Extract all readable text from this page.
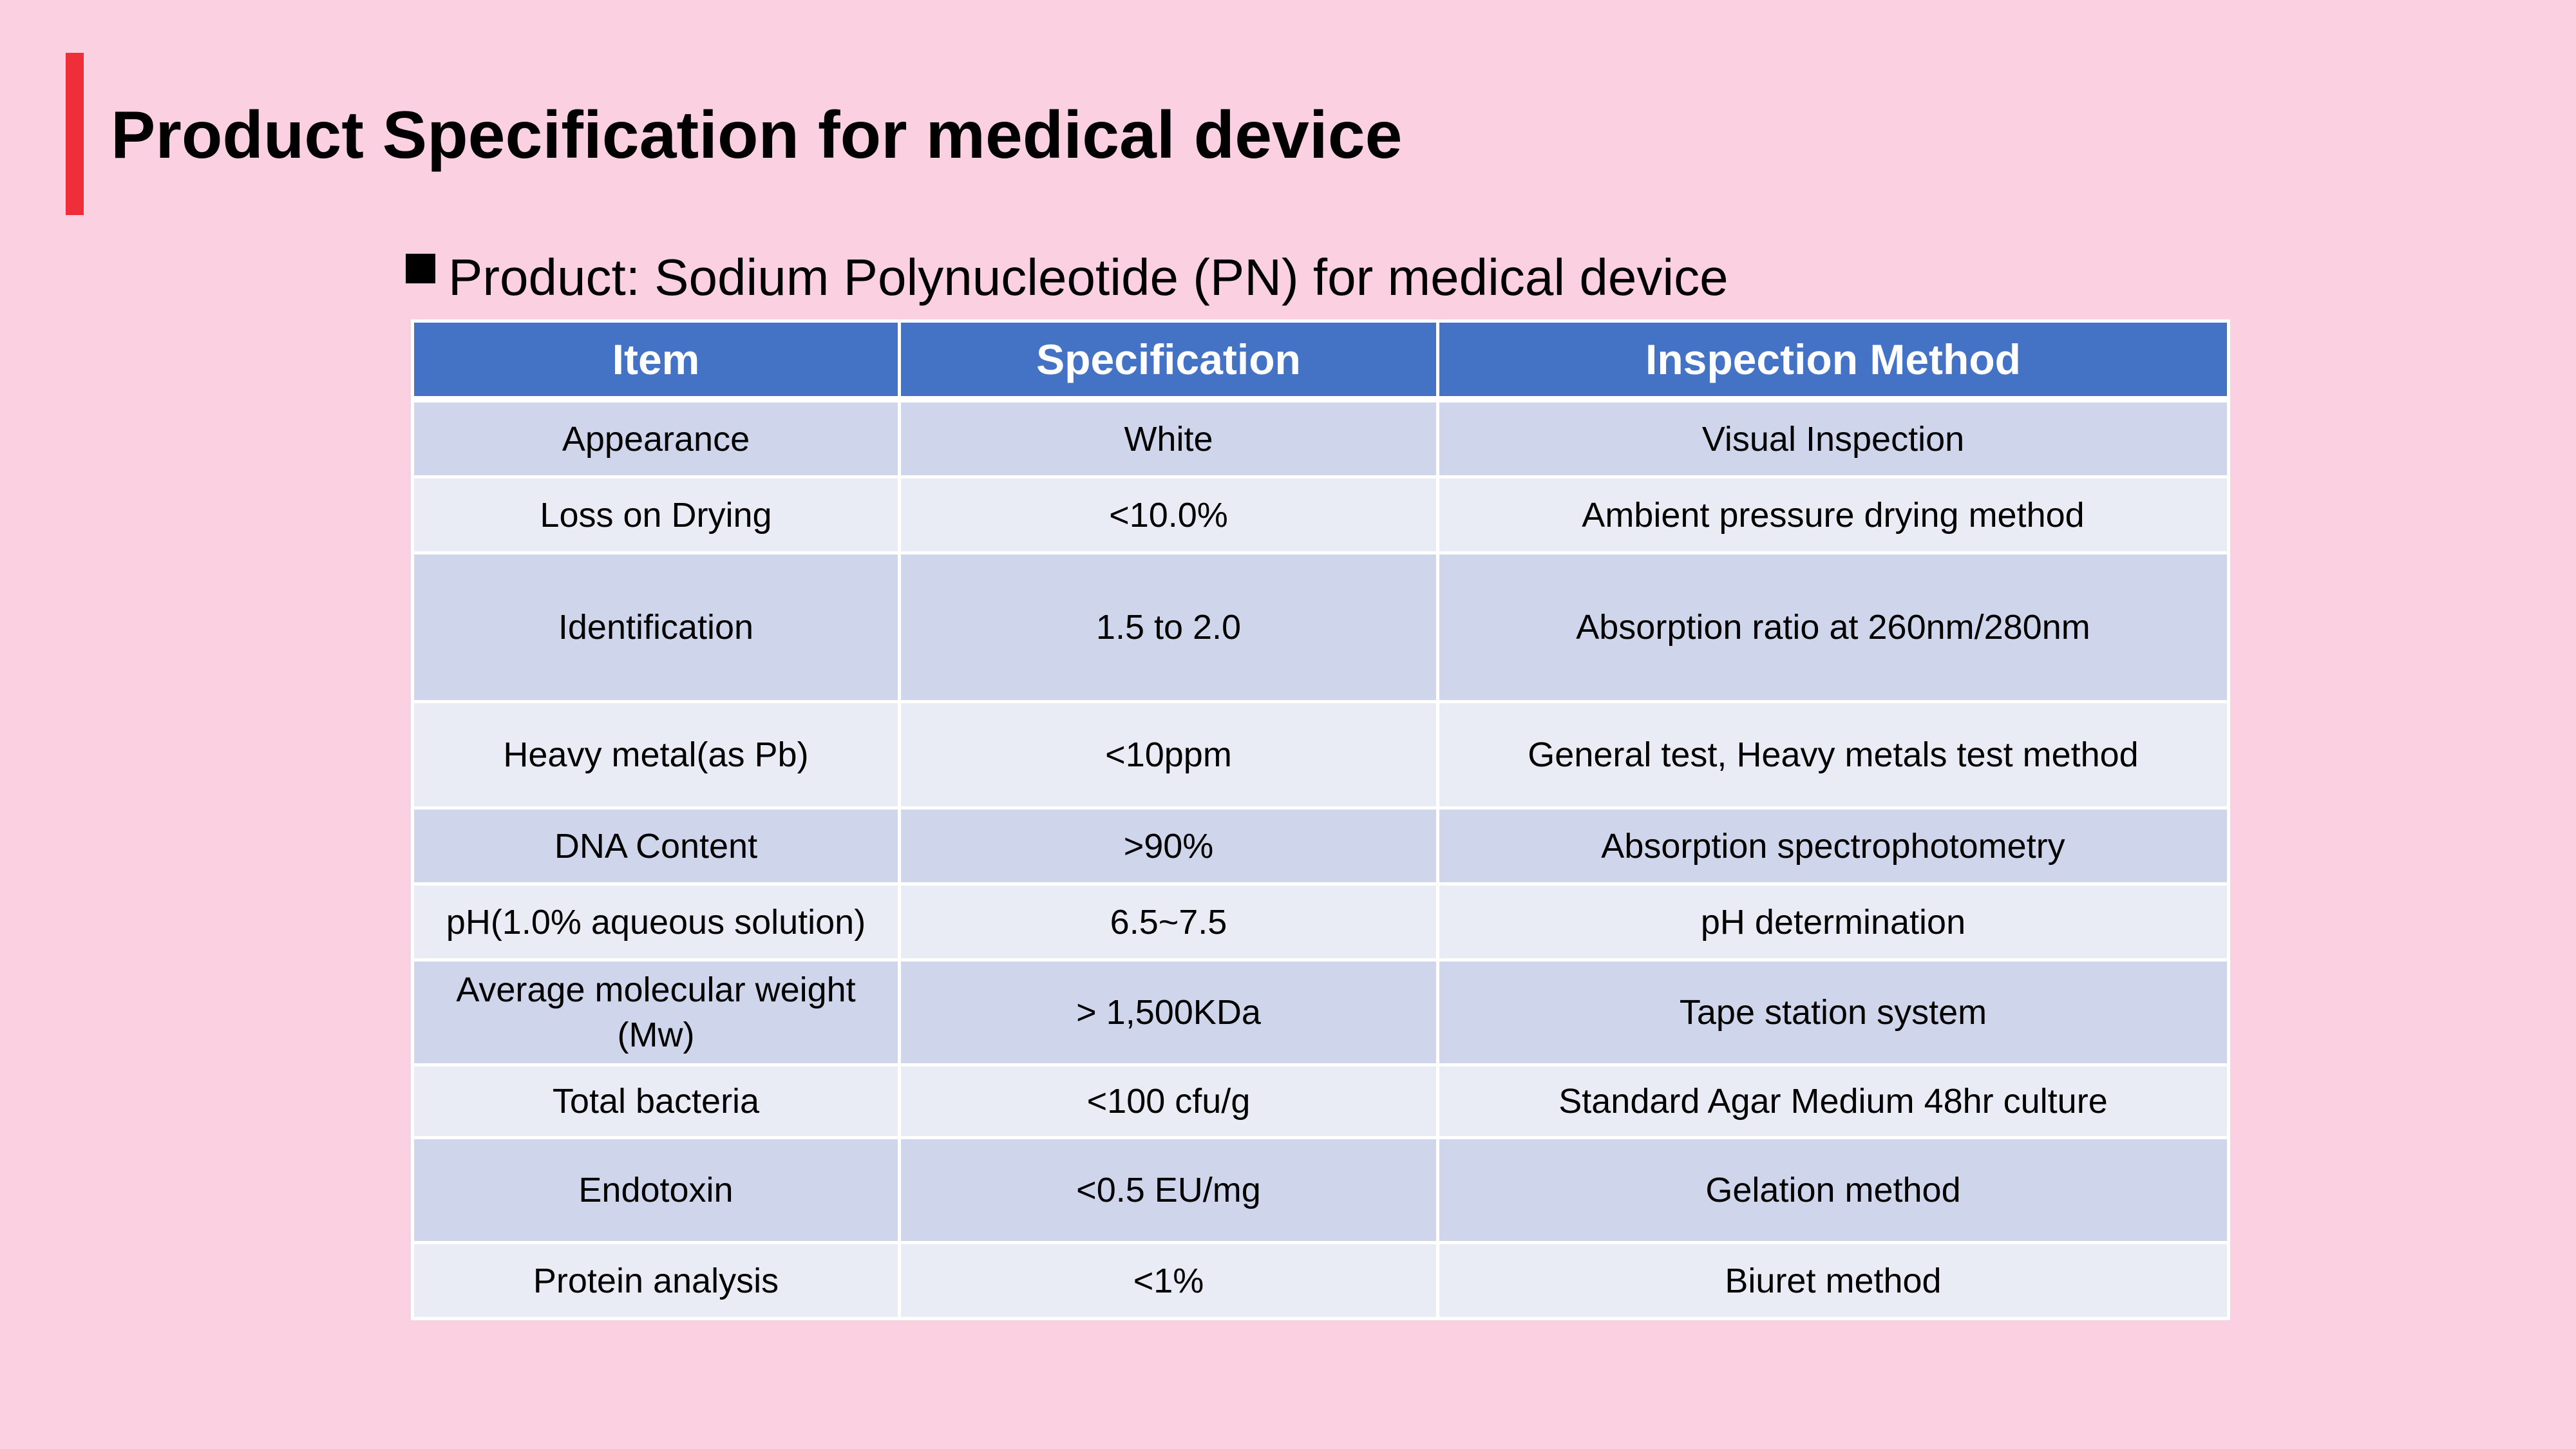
Product Specification for medical device
Product: Sodium Polynucleotide (PN) for medical device
Item	Specification	Inspection Method
Appearance	White	Visual Inspection
Loss on Drying	<10.0%	Ambient pressure drying method
Identification	1.5 to 2.0	Absorption ratio at 260nm/280nm
Heavy metal(as Pb)	<10ppm	General test, Heavy metals test method
DNA Content	>90%	Absorption spectrophotometry
pH(1.0% aqueous solution)	6.5~7.5	pH determination
Average molecular weight (Mw)	> 1,500KDa	Tape station system
Total bacteria	<100 cfu/g	Standard Agar Medium 48hr culture
Endotoxin	<0.5 EU/mg	Gelation method
Protein analysis	<1%	Biuret method
